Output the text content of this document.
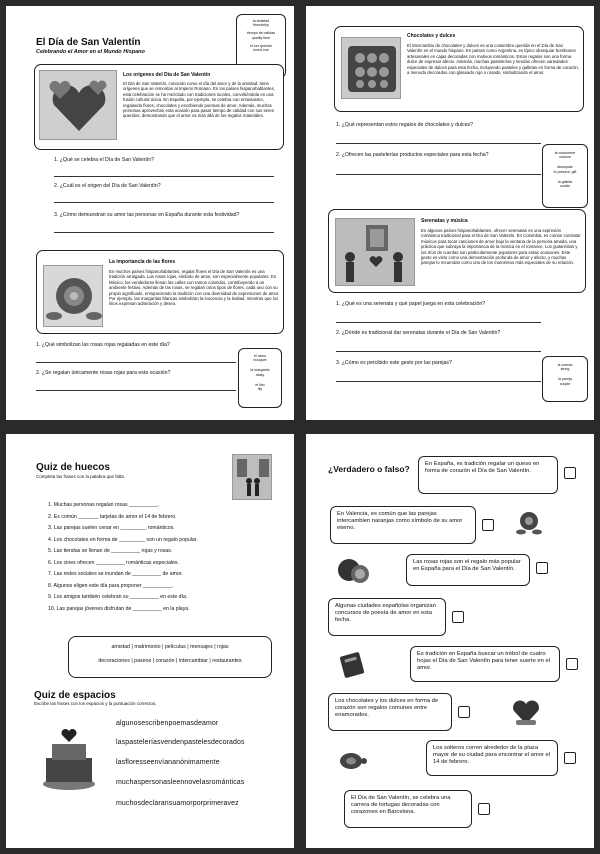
El Día de San Valentín
Celebrando el Amor en el Mundo Hispano
la amistad
friendship
tiempo de calidad
quality time
el ser querido
loved one
Los orígenes del Día de San Valentín
El Día de San Valentín, conocido como el día del amor y de la amistad, tiene orígenes que se remontan al Imperio Romano. En los países hispanohablantes, esta celebración se ha mezclado con tradiciones locales, convirtiéndola en una fusión cultural única. En España, por ejemplo, se celebra con entusiasmo, regalando flores, chocolates y escribiendo poemas de amor. Además, muchas personas aprovechan esta ocasión para pasar tiempo de calidad con sus seres queridos, demostrando que el amor va más allá de los regalos materiales.
1. ¿Qué se celebra el Día de San Valentín?
2. ¿Cuál es el origen del Día de San Valentín?
3. ¿Cómo demuestran su amor las personas en España durante esta festividad?
La importancia de las flores
En muchos países hispanohablantes, regalar flores el Día de San Valentín es una tradición arraigada. Las rosas rojas, símbolo de amor, son especialmente populares. En México, los vendedores llenan las calles con ramos coloridos, contribuyendo a un ambiente festivo. Además de las rosas, se regalan otros tipos de flores, cada uno con su propio significado, enriqueciendo la tradición con una diversidad de expresiones de amor. Por ejemplo, las margaritas blancas simbolizan la inocencia y la lealtad, mientras que los lirios expresan admiración y deseo.
1. ¿Qué simbolizan las rosas rojas regaladas en este día?
2. ¿Se regalan únicamente rosas rojas para esta ocasión?
el ramo
bouquet
la margarita
daisy
el lirio
lily
Chocolates y dulces
El intercambio de chocolates y dulces es una costumbre querida en el Día de San Valentín en el mundo hispano. En países como Argentina, es típico obsequiar bombones artesanales en cajas decoradas con motivos románticos. Estos regalos son una forma dulce de expresar afecto. Además, muchas pastelerías y tiendas ofrecen variedades especiales de dulces para esta fecha, incluyendo pasteles y galletas en forma de corazón, a menudo decorados con glaseado rojo o rosado, simbolizando el amor.
1. ¿Qué representan estos regalos de chocolates y dulces?
2. ¿Ofrecen las pastelerías productos especiales para esta fecha?	la costumbre
custom
obsequiar
to present, gift
la galleta
cookie
Serenatas y música
En algunos países hispanohablantes, ofrecer serenatas es una expresión romántica tradicional para el Día de San Valentín. En Colombia, es común contratar músicos para tocar canciones de amor bajo la ventana de la persona amada, una práctica que subraya la importancia de la música en el romance. Los guitarristas y los tríos de cuerdas son particularmente populares para estas ocasiones. Este gesto es visto como una demostración profunda de amor y afecto, y muchas parejas lo recuerdan como uno de los momentos más especiales de su relación.
1. ¿Qué es una serenata y qué papel juega en esta celebración?
2. ¿Dónde es tradicional dar serenatas durante el Día de San Valentín?
3. ¿Cómo es percibido este gesto por las parejas?	la cuerda
string
la pareja
couple
Quiz de huecos
Completa las frases con la palabra que falta.
1. Muchas personas regalan rosas __________.
2. Es común _______ tarjetas de amor el 14 de febrero.
3. Las parejas suelen cenar en _________ románticos.
4. Los chocolates en forma de _________ son un regalo popular.
5. Las tiendas se llenan de __________ rojas y rosas.
6. Los cines ofrecen __________ románticas especiales.
7. Las redes sociales se inundan de __________ de amor.
8. Algunos eligen este día para proponer __________.
9. Los amigos también celebran su __________ en este día.
10. Las parejas jóvenes disfrutan de __________ en la playa.
amistad | matrimonio | películas | mensajes | rojas
decoraciones | paseos | corazón | intercambiar | restaurantes
Quiz de espacios
Escribe las frases con los espacios y la puntuación correctos.
algunosescribenpoemasdeamor
laspasteleríasvendenpastelesdecorados
lasfloresseenvíananónimamente
muchaspersonasleennovelasrománticas
muchosdeclaransuamorporprimeravez
¿Verdadero o falso?	En España, es tradición regalar un queso en forma de corazón el Día de San Valentín.
En Valencia, es común que las parejas intercambien naranjas como símbolo de su amor eterno.
Las rosas rojas son el regalo más popular en España para el Día de San Valentín.
Algunas ciudades españolas organizan concursos de poesía de amor en esta fecha.
Es tradición en España buscar un trébol de cuatro hojas el Día de San Valentín para tener suerte en el amor.
Los chocolates y los dulces en forma de corazón son regalos comunes entre enamorados.
Los solteros corren alrededor de la plaza mayor de su ciudad para encontrar el amor el 14 de febrero.
El Día de San Valentín, se celebra una carrera de tortugas decoradas con corazones en Barcelona.
